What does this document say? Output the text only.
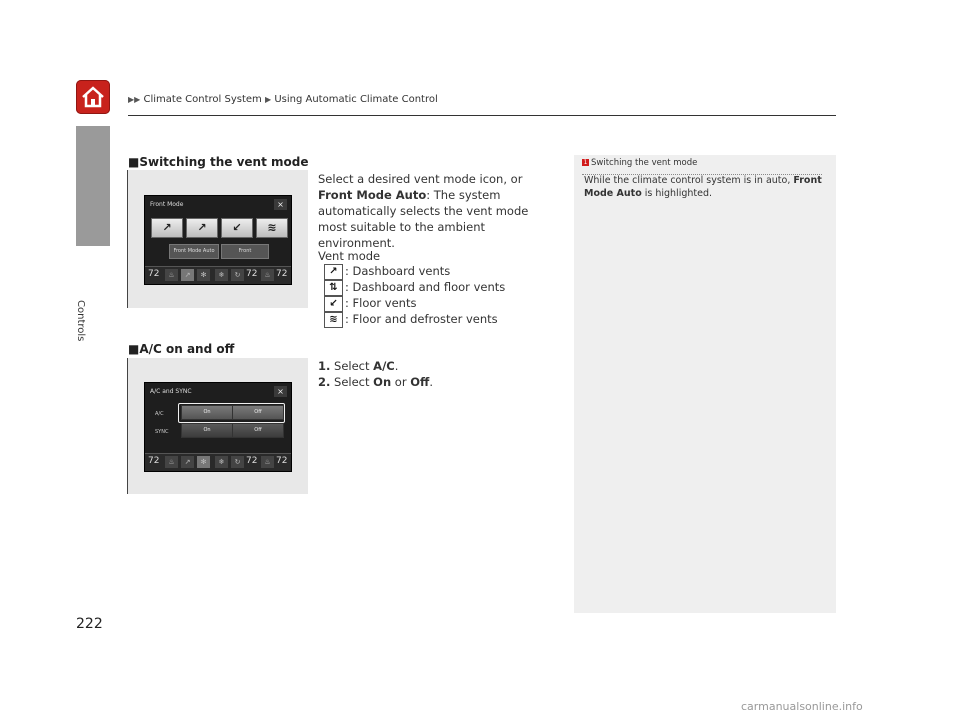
▶▶ Climate Control System ▶ Using Automatic Climate Control
Controls
■Switching the vent mode
Front Mode	×
↗	↗	↙	≋
Front Mode Auto	Front
72	♨	↗	✻	❄	↻ 72 ♨ 72
Select a desired vent mode icon, or Front Mode Auto: The system automatically selects the vent mode most suitable to the ambient environment.
Vent mode
↗ : Dashboard vents
⇅ : Dashboard and floor vents
↙ : Floor vents
≋ : Floor and defroster vents
■A/C on and off
A/C and SYNC	×
A/C
SYNC
On	Off
On	Off
72	♨	↗	✻	❄	↻ 72 ♨ 72
1. Select A/C.
2. Select On or Off.
1 Switching the vent mode
While the climate control system is in auto, Front Mode Auto is highlighted.
222
carmanualsonline.info
